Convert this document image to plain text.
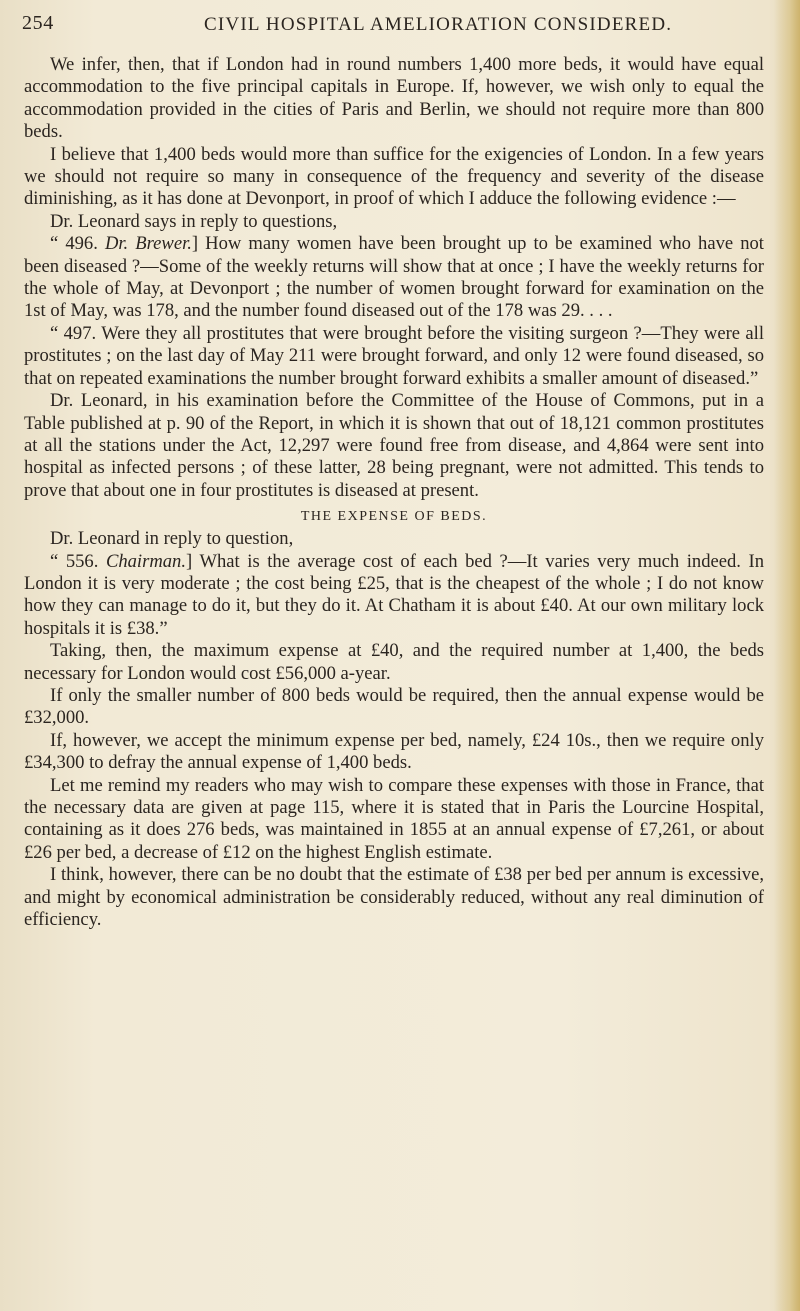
254	CIVIL HOSPITAL AMELIORATION CONSIDERED.

We infer, then, that if London had in round numbers 1,400 more beds, it would have equal accommodation to the five principal capitals in Europe. If, however, we wish only to equal the accommodation provided in the cities of Paris and Berlin, we should not require more than 800 beds.

I believe that 1,400 beds would more than suffice for the exigencies of London. In a few years we should not require so many in consequence of the frequency and severity of the disease diminishing, as it has done at Devonport, in proof of which I adduce the following evidence :—

Dr. Leonard says in reply to questions,

“ 496. Dr. Brewer.] How many women have been brought up to be examined who have not been diseased ?—Some of the weekly returns will show that at once ; I have the weekly returns for the whole of May, at Devonport ; the number of women brought forward for examination on the 1st of May, was 178, and the number found diseased out of the 178 was 29. . . .

“ 497. Were they all prostitutes that were brought before the visiting surgeon ?—They were all prostitutes ; on the last day of May 211 were brought forward, and only 12 were found diseased, so that on repeated examinations the number brought forward exhibits a smaller amount of diseased.”

Dr. Leonard, in his examination before the Committee of the House of Commons, put in a Table published at p. 90 of the Report, in which it is shown that out of 18,121 common prostitutes at all the stations under the Act, 12,297 were found free from disease, and 4,864 were sent into hospital as infected persons ; of these latter, 28 being pregnant, were not admitted. This tends to prove that about one in four prostitutes is diseased at present.

THE EXPENSE OF BEDS.

Dr. Leonard in reply to question,

“ 556. Chairman.] What is the average cost of each bed ?—It varies very much indeed. In London it is very moderate ; the cost being £25, that is the cheapest of the whole ; I do not know how they can manage to do it, but they do it. At Chatham it is about £40. At our own military lock hospitals it is £38.”

Taking, then, the maximum expense at £40, and the required number at 1,400, the beds necessary for London would cost £56,000 a-year.

If only the smaller number of 800 beds would be required, then the annual expense would be £32,000.

If, however, we accept the minimum expense per bed, namely, £24 10s., then we require only £34,300 to defray the annual expense of 1,400 beds.

Let me remind my readers who may wish to compare these expenses with those in France, that the necessary data are given at page 115, where it is stated that in Paris the Lourcine Hospital, containing as it does 276 beds, was maintained in 1855 at an annual expense of £7,261, or about £26 per bed, a decrease of £12 on the highest English estimate.

I think, however, there can be no doubt that the estimate of £38 per bed per annum is excessive, and might by economical administration be considerably reduced, without any real diminution of efficiency.
